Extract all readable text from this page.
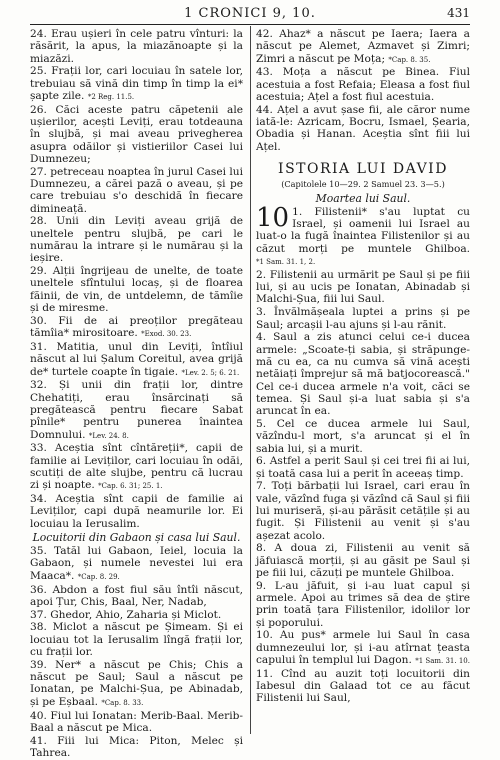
1 CRONICI 9, 10.	431
24. Erau ușieri în cele patru vînturi: la răsărit, la apus, la miazănoapte și la miazăzi.
25. Frații lor, cari locuiau în satele lor, trebuiau să vină din timp în timp la ei* șapte zile. *2 Reg. 11.5.
26. Căci aceste patru căpetenii ale ușierilor, acești Leviți, erau totdeauna în slujbă, și mai aveau privegherea asupra odăilor și vistieriilor Casei lui Dumnezeu;
27. petreceau noaptea în jurul Casei lui Dumnezeu, a cărei pază o aveau, și pe care trebuiau s'o deschidă în fiecare dimineață.
28. Unii din Leviți aveau grijă de uneltele pentru slujbă, pe cari le numărau la intrare și le numărau și la ieșire.
29. Alții îngrijeau de unelte, de toate uneltele sfîntului locaș, și de floarea făinii, de vin, de untdelemn, de tămîie și de miresme.
30. Fii de ai preoților pregăteau tămîia* mirositoare. *Exod. 30. 23.
31. Matitia, unul din Leviți, întîiul născut al lui Șalum Coreitul, avea grijă de* turtele coapte în tigaie. *Lev. 2. 5; 6. 21.
32. Și unii din frații lor, dintre Chehatiți, erau însărcinați să pregătească pentru fiecare Sabat pînile* pentru punerea înaintea Domnului. *Lev. 24. 8.
33. Aceștia sînt cîntăreții*, capii de familie ai Leviților, cari locuiau în odăi, scutiți de alte slujbe, pentru că lucrau zi și noapte. *Cap. 6. 31; 25. 1.
34. Aceștia sînt capii de familie ai Leviților, capi după neamurile lor. Ei locuiau la Ierusalim.
Locuitorii din Gabaon și casa lui Saul.
35. Tatăl lui Gabaon, Ieiel, locuia la Gabaon, și numele nevestei lui era Maaca*. *Cap. 8. 29.
36. Abdon a fost fiul său întîi născut, apoi Țur, Chis, Baal, Ner, Nadab,
37. Ghedor, Ahio, Zaharia și Miclot.
38. Miclot a născut pe Șimeam. Și ei locuiau tot la Ierusalim lîngă frații lor, cu frații lor.
39. Ner* a născut pe Chis; Chis a născut pe Saul; Saul a născut pe Ionatan, pe Malchi-Șua, pe Abinadab, și pe Eșbaal. *Cap. 8. 33.
40. Fiul lui Ionatan: Merib-Baal. Merib-Baal a născut pe Mica.
41. Fiii lui Mica: Piton, Melec și Tahrea.
42. Ahaz* a născut pe Iaera; Iaera a născut pe Alemet, Azmavet și Zimri; Zimri a născut pe Moța; *Cap. 8. 35.
43. Moța a născut pe Binea. Fiul acestuia a fost Refaia; Eleasa a fost fiul acestuia; Ațel a fost fiul acestuia.
44. Ațel a avut șase fii, ale căror nume iată-le: Azricam, Bocru, Ismael, Șearia, Obadia și Hanan. Aceștia sînt fiii lui Ațel.
ISTORIA LUI DAVID
(Capitolele 10—29. 2 Samuel 23. 3—5.)
Moartea lui Saul.
10 1. Filistenii* s'au luptat cu Israel, și oamenii lui Israel au luat-o la fugă înaintea Filistenilor și au căzut morți pe muntele Ghilboa. *1 Sam. 31. 1, 2.
2. Filistenii au urmărit pe Saul și pe fiii lui, și au ucis pe Ionatan, Abinadab și Malchi-Șua, fiii lui Saul.
3. Învălmășeala luptei a prins și pe Saul; arcașii l-au ajuns și l-au rănit.
4. Saul a zis atunci celui ce-i ducea armele: „Scoate-ți sabia, și străpunge-mă cu ea, ca nu cumva să vină acești netăiați împrejur să mă batjocorească." Cel ce-i ducea armele n'a voit, căci se temea. Și Saul și-a luat sabia și s'a aruncat în ea.
5. Cel ce ducea armele lui Saul, văzîndu-l mort, s'a aruncat și el în sabia lui, și a murit.
6. Astfel a perit Saul și cei trei fii ai lui, și toată casa lui a perit în aceeaș timp.
7. Toți bărbații lui Israel, cari erau în vale, văzînd fuga și văzînd că Saul și fiii lui muriseră, și-au părăsit cetățile și au fugit. Și Filistenii au venit și s'au așezat acolo.
8. A doua zi, Filistenii au venit să jăfuiască morții, și au găsit pe Saul și pe fiii lui, căzuți pe muntele Ghilboa.
9. L-au jăfuit, și i-au luat capul și armele. Apoi au trimes să dea de știre prin toată țara Filistenilor, idolilor lor și poporului.
10. Au pus* armele lui Saul în casa dumnezeului lor, și i-au atîrnat țeasta capului în templul lui Dagon. *1 Sam. 31. 10.
11. Cînd au auzit toți locuitorii din Iabesul din Galaad tot ce au făcut Filistenii lui Saul,
